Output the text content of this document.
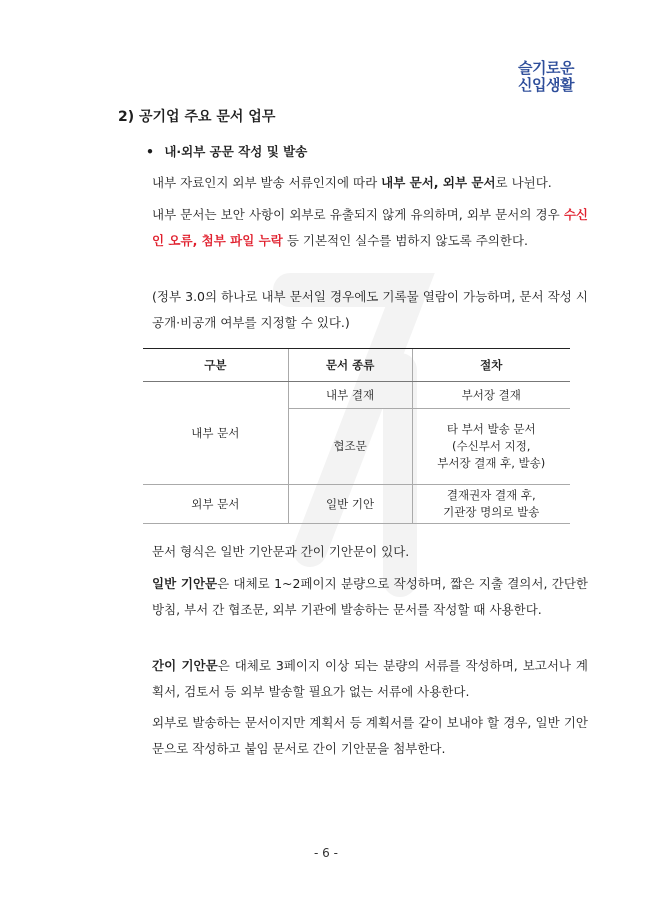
슬기로운
신입생활
2) 공기업 주요 문서 업무
• 내·외부 공문 작성 및 발송

내부 자료인지 외부 발송 서류인지에 따라 내부 문서, 외부 문서로 나뉜다.

내부 문서는 보안 사항이 외부로 유출되지 않게 유의하며, 외부 문서의 경우 수신인 오류, 첨부 파일 누락 등 기본적인 실수를 범하지 않도록 주의한다.

(정부 3.0의 하나로 내부 문서일 경우에도 기록물 열람이 가능하며, 문서 작성 시 공개·비공개 여부를 지정할 수 있다.)

구분	문서 종류	절차
내부 문서	내부 결재	부서장 결재
	협조문	타 부서 발송 문서
(수신부서 지정,
부서장 결재 후, 발송)

외부 문서	일반 기안	결재권자 결재 후,
기관장 명의로 발송

문서 형식은 일반 기안문과 간이 기안문이 있다.

일반 기안문은 대체로 1~2페이지 분량으로 작성하며, 짧은 지출 결의서, 간단한 방침, 부서 간 협조문, 외부 기관에 발송하는 문서를 작성할 때 사용한다.

간이 기안문은 대체로 3페이지 이상 되는 분량의 서류를 작성하며, 보고서나 계획서, 검토서 등 외부 발송할 필요가 없는 서류에 사용한다.

외부로 발송하는 문서이지만 계획서 등 계획서를 같이 보내야 할 경우, 일반 기안문으로 작성하고 붙임 문서로 간이 기안문을 첨부한다.

- 6 -
